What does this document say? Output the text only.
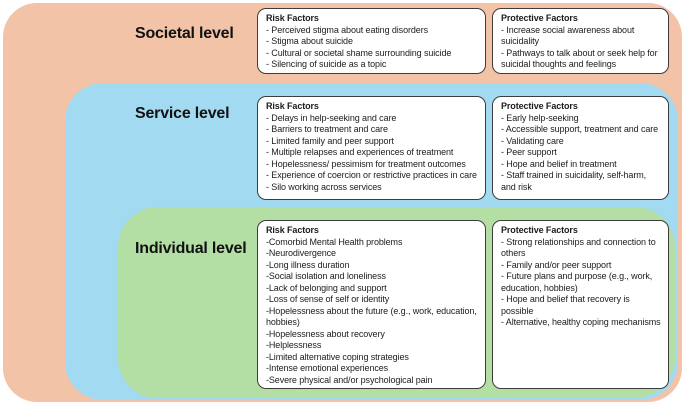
Societal level
Service level
Individual level
Risk Factors
- Perceived stigma about eating disorders
- Stigma about suicide
- Cultural or societal shame surrounding suicide
- Silencing of suicide as a topic
Protective Factors
- Increase social awareness about suicidality
- Pathways to talk about or seek help for suicidal thoughts and feelings
Risk Factors
- Delays in help-seeking and care
- Barriers to treatment and care
- Limited family and peer support
- Multiple relapses and experiences of treatment
- Hopelessness/ pessimism for treatment outcomes
- Experience of coercion or restrictive practices in care
- Silo working across services
Protective Factors
- Early help-seeking
- Accessible support, treatment and care
- Validating care
- Peer support
- Hope and belief in treatment
- Staff trained in suicidality, self-harm, and risk
Risk Factors
-Comorbid Mental Health problems
-Neurodivergence
-Long illness duration
-Social isolation and loneliness
-Lack of belonging and support
-Loss of sense of self or identity
-Hopelessness about the future (e.g., work, education, hobbies)
-Hopelessness about recovery
-Helplessness
-Limited alternative coping strategies
-Intense emotional experiences
-Severe physical and/or psychological pain
Protective Factors
- Strong relationships and connection to others
- Family and/or peer support
- Future plans and purpose (e.g., work, education, hobbies)
- Hope and belief that recovery is possible
- Alternative, healthy coping mechanisms
